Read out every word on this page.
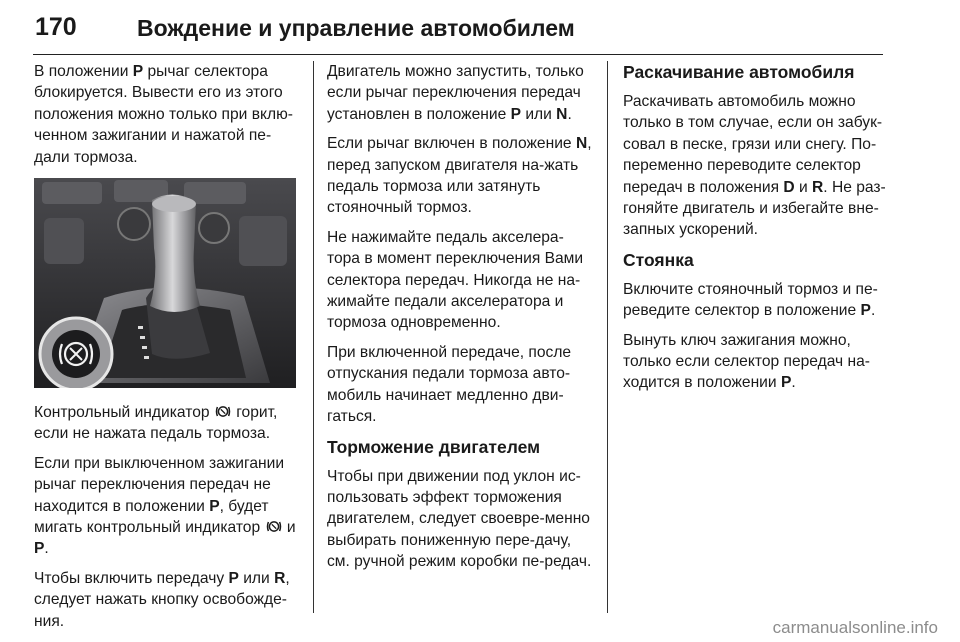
170	Вождение и управление автомобилем

В положении P рычаг селектора блокируется. Вывести его из этого положения можно только при вклю-ченном зажигании и нажатой пе-дали тормоза.

Контрольный индикатор  горит, если не нажата педаль тормоза.

Если при выключенном зажигании рычаг переключения передач не находится в положении P, будет мигать контрольный индикатор  и P.

Чтобы включить передачу P или R, следует нажать кнопку освобожде-ния.

Двигатель можно запустить, только если рычаг переключения передач установлен в положение P или N.

Если рычаг включен в положение N, перед запуском двигателя на-жать педаль тормоза или затянуть стояночный тормоз.

Не нажимайте педаль акселера-тора в момент переключения Вами селектора передач. Никогда не на-жимайте педали акселератора и тормоза одновременно.

При включенной передаче, после отпускания педали тормоза авто-мобиль начинает медленно дви-гаться.

Торможение двигателем

Чтобы при движении под уклон ис-пользовать эффект торможения двигателем, следует своевре-менно выбирать пониженную пере-дачу, см. ручной режим коробки пе-редач.

Раскачивание автомобиля

Раскачивать автомобиль можно только в том случае, если он забук-совал в песке, грязи или снегу. По-переменно переводите селектор передач в положения D и R. Не раз-гоняйте двигатель и избегайте вне-запных ускорений.

Стоянка

Включите стояночный тормоз и пе-реведите селектор в положение P.

Вынуть ключ зажигания можно, только если селектор передач на-ходится в положении P.

carmanualsonline.info
